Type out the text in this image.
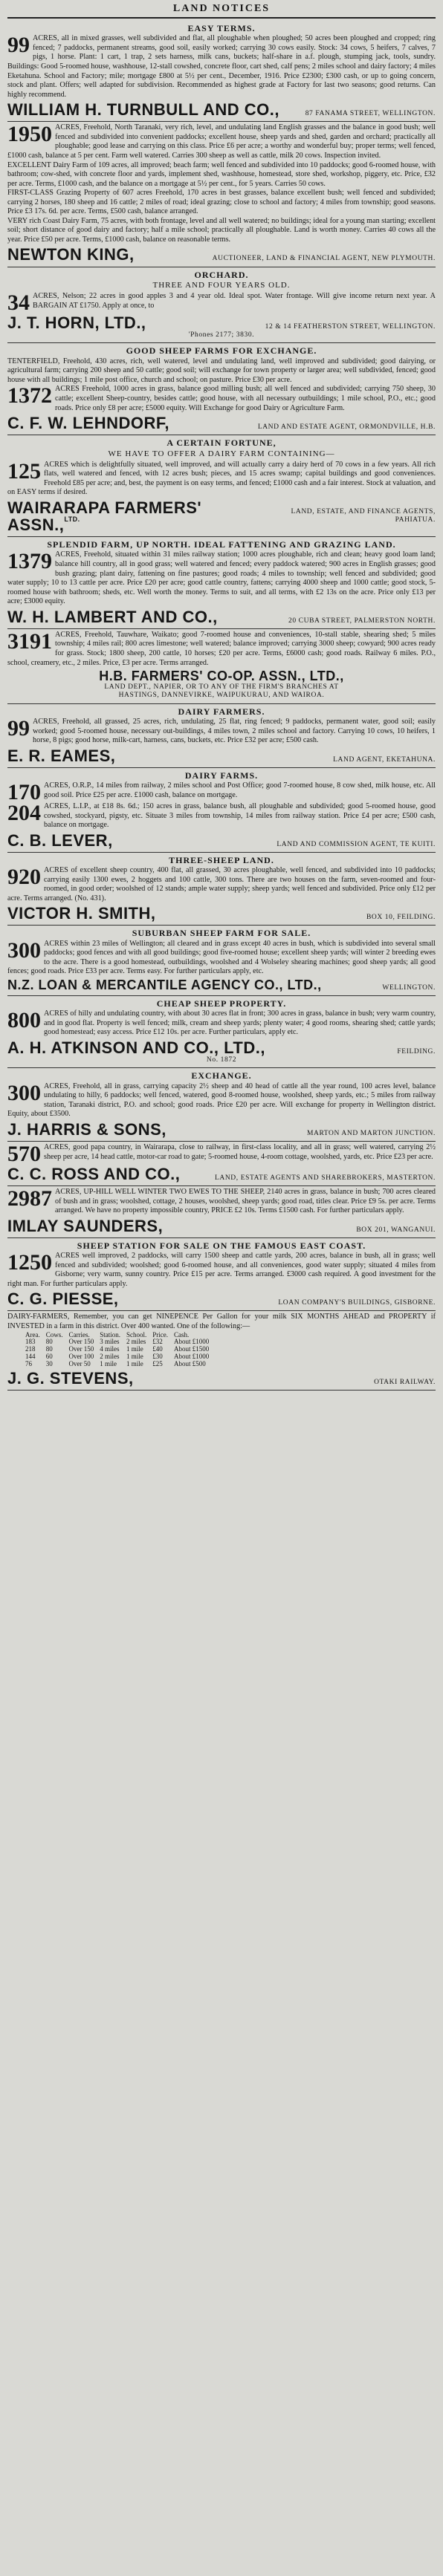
LAND NOTICES
EASY TERMS.
99 ACRES, all in mixed grasses, well subdivided and flat, all ploughable when ploughed; 50 acres been ploughed and cropped; ring fenced; 7 paddocks, permanent streams, good soil, easily worked; carrying 30 cows easily. Stock: 34 cows, 5 heifers, 7 calves, 7 pigs, 1 horse. Plant: 1 cart, 1 trap, 2 sets harness, milk cans, buckets; half-share in a.f. plough, stumping jack, tools, sundry. Buildings: Good 5-roomed house, washhouse, 12-stall cowshed, concrete floor, cart shed, calf pens; 2 miles school and dairy factory; 4 miles Eketahuna. School and Factory; mile; mortgage £800 at 5½ per cent., December, 1916. Price £2300; £300 cash, or up to going concern, stock and plant. Offers; well adapted for subdivision. Recommended as highest grade at Factory for last two seasons; good returns. Can highly recommend.
WILLIAM H. TURNBULL AND CO.,	87 FANAMA STREET, WELLINGTON.
1950 ACRES, Freehold, North Taranaki, very rich, level, and undulating land English grasses and the balance in good bush; well fenced and subdivided into convenient paddocks; excellent house, sheep yards and shed, garden and orchard; practically all ploughable; good lease and carrying on this class. Price £6 per acre; a worthy and wonderful buy; proper terms; well fenced, £1000 cash, balance at 5 per cent. Farm well watered. Carries 300 sheep as well as cattle, milk 20 cows. Inspection invited.
EXCELLENT Dairy Farm of 109 acres, all improved; beach farm; well fenced and subdivided into 10 paddocks; good 6-roomed house, with bathroom; cow-shed, with concrete floor and yards, implement shed, washhouse, homestead, store shed, workshop, piggery, etc. Price, £32 per acre. Terms, £1000 cash, and the balance on a mortgage at 5½ per cent., for 5 years. Carries 50 cows.
FIRST-CLASS Grazing Property of 607 acres Freehold, 170 acres in best grasses, balance excellent bush; well fenced and subdivided; carrying 2 horses, 180 sheep and 16 cattle; 2 miles of road; ideal grazing; close to school and factory; 4 miles from township; good seasons. Price £3 17s. 6d. per acre. Terms, £500 cash, balance arranged.
VERY rich Coast Dairy Farm, 75 acres, with both frontage, level and all well watered; no buildings; ideal for a young man starting; excellent soil; short distance of good dairy and factory; half a mile school; practically all ploughable. Land is worth money. Carries 40 cows all the year. Price £50 per acre. Terms, £1000 cash, balance on reasonable terms.
NEWTON KING,	AUCTIONEER, LAND & FINANCIAL AGENT, NEW PLYMOUTH.
ORCHARD.
THREE AND FOUR YEARS OLD.
34 ACRES, Nelson; 22 acres in good apples 3 and 4 year old. Ideal spot. Water frontage. Will give income return next year. A BARGAIN AT £1750. Apply at once, to
J. T. HORN, LTD.,	12 & 14 FEATHERSTON STREET, WELLINGTON.
'Phones 2177; 3830.
GOOD SHEEP FARMS FOR EXCHANGE.
TENTERFIELD, Freehold, 430 acres, rich, well watered, level and undulating land, well improved and subdivided; good dairying, or agricultural farm; carrying 200 sheep and 50 cattle; good soil; will exchange for town property or larger area; well subdivided, fenced; good house with all buildings; 1 mile post office, church and school; on pasture. Price £30 per acre.
1372 ACRES Freehold, 1000 acres in grass, balance good milling bush; all well fenced and subdivided; carrying 750 sheep, 30 cattle; excellent Sheep-country, besides cattle; good house, with all necessary outbuildings; 1 mile school, P.O., etc.; good roads. Price only £8 per acre; £5000 equity. Will Exchange for good Dairy or Agriculture Farm.
C. F. W. LEHNDORF,	LAND AND ESTATE AGENT, ORMONDVILLE, H.B.
A CERTAIN FORTUNE,
WE HAVE TO OFFER A DAIRY FARM CONTAINING—
125 ACRES which is delightfully situated, well improved, and will actually carry a dairy herd of 70 cows in a few years. All rich flats, well watered and fenced, with 12 acres bush; pieces, and 15 acres swamp; capital buildings and good conveniences. Freehold £85 per acre; and, best, the payment is on easy terms, and fenced; £1000 cash and a fair interest. Stock at valuation, and on EASY terms if desired.
WAIRARAPA FARMERS' ASSN.,$^{LTD.}$
LAND, ESTATE, AND FINANCE AGENTS, PAHIATUA.
SPLENDID FARM, UP NORTH. IDEAL FATTENING AND GRAZING LAND.
1379 ACRES, Freehold, situated within 31 miles railway station; 1000 acres ploughable, rich and clean; heavy good loam land; balance hill country, all in good grass; well watered and fenced; every paddock watered; 900 acres in English grasses; good bush grazing; plant dairy, fattening on fine pastures; good roads; 4 miles to township; well fenced and subdivided; good water supply; 10 to 13 cattle per acre. Price £20 per acre; good cattle country, fattens; carrying 4000 sheep and 1000 cattle; good stock, 5-roomed house with bathroom; sheds, etc. Well worth the money. Terms to suit, and all terms, with £2 13s on the acre. Price only £13 per acre; £3000 equity.
W. H. LAMBERT AND CO.,	20 CUBA STREET, PALMERSTON NORTH.
3191 ACRES, Freehold, Tauwhare, Waikato; good 7-roomed house and conveniences, 10-stall stable, shearing shed; 5 miles township; 4 miles rail; 800 acres limestone; well watered; balance improved; carrying 3000 sheep; cowyard; 900 acres ready for grass. Stock; 1800 sheep, 200 cattle, 10 horses; £20 per acre. Terms, £6000 cash; good roads. Railway 6 miles. P.O., school, creamery, etc., 2 miles. Price, £3 per acre. Terms arranged.
H.B. FARMERS' CO-OP. ASSN., LTD.,
LAND DEPT., NAPIER, OR TO ANY OF THE FIRM'S BRANCHES AT
HASTINGS, DANNEVIRKE, WAIPUKURAU, AND WAIROA.
DAIRY FARMERS.
99 ACRES, Freehold, all grassed, 25 acres, rich, undulating, 25 flat, ring fenced; 9 paddocks, permanent water, good soil; easily worked; good 5-roomed house, necessary out-buildings, 4 miles town, 2 miles school and factory. Carrying 10 cows, 10 heifers, 1 horse, 8 pigs; good horse, milk-cart, harness, cans, buckets, etc. Price £32 per acre; £500 cash.
E. R. EAMES,	LAND AGENT, EKETAHUNA.
DAIRY FARMS.
170 ACRES, O.R.P., 14 miles from railway, 2 miles school and Post Office; good 7-roomed house, 8 cow shed, milk house, etc. All good soil. Price £25 per acre. £1000 cash, balance on mortgage.
204 ACRES, L.I.P., at £18 8s. 6d.; 150 acres in grass, balance bush, all ploughable and subdivided; good 5-roomed house, good cowshed, stockyard, pigsty, etc. Situate 3 miles from township, 14 miles from railway station. Price £4 per acre; £500 cash, balance on mortgage.
C. B. LEVER,	LAND AND COMMISSION AGENT, TE KUITI.
THREE-SHEEP LAND.
920 ACRES of excellent sheep country, 400 flat, all grassed, 30 acres ploughable, well fenced, and subdivided into 10 paddocks; carrying easily 1300 ewes, 2 hoggets and 100 cattle, 300 tons. There are two houses on the farm, seven-roomed and four-roomed, in good order; woolshed of 12 stands; ample water supply; sheep yards; well fenced and subdivided. Price only £12 per acre. Terms arranged. (No. 431).
VICTOR H. SMITH,	BOX 10, FEILDING.
SUBURBAN SHEEP FARM FOR SALE.
300 ACRES within 23 miles of Wellington; all cleared and in grass except 40 acres in bush, which is subdivided into several small paddocks; good fences and with all good buildings; good five-roomed house; excellent sheep yards; will winter 2 breeding ewes to the acre. There is a good homestead, outbuildings, woolshed and 4 Wolseley shearing machines; good sheep yards; all good fences; good roads. Price £33 per acre. Terms easy. For further particulars apply, etc.
N.Z. LOAN & MERCANTILE AGENCY CO., LTD.,	WELLINGTON.
CHEAP SHEEP PROPERTY.
800 ACRES of hilly and undulating country, with about 30 acres flat in front; 300 acres in grass, balance in bush; very warm country, and in good flat. Property is well fenced; milk, cream and sheep yards; plenty water; 4 good rooms, shearing shed; cattle yards; good homestead; easy access. Price £12 10s. per acre. Further particulars, apply etc.
A. H. ATKINSON AND CO., LTD.,	FEILDING.
No. 1872
EXCHANGE.
300 ACRES, Freehold, all in grass, carrying capacity 2½ sheep and 40 head of cattle all the year round, 100 acres level, balance undulating to hilly, 6 paddocks; well fenced, watered, good 8-roomed house, woolshed, sheep yards, etc.; 5 miles from railway station, Taranaki district, P.O. and school; good roads. Price £20 per acre. Will exchange for property in Wellington district. Equity, about £3500.
J. HARRIS & SONS,	MARTON AND MARTON JUNCTION.
570 ACRES, good papa country, in Wairarapa, close to railway, in first-class locality, and all in grass; well watered, carrying 2½ sheep per acre, 14 head cattle, motor-car road to gate; 5-roomed house, 4-room cottage, woolshed, yards, etc. Price £23 per acre.
C. C. ROSS AND CO.,	LAND, ESTATE AGENTS AND SHAREBROKERS, MASTERTON.
2987 ACRES, UP-HILL WELL WINTER TWO EWES TO THE SHEEP, 2140 acres in grass, balance in bush; 700 acres cleared of bush and in grass; woolshed, cottage, 2 houses, woolshed, sheep yards; good road, titles clear. Price £9 5s. per acre. Terms arranged. We have no property impossible country, PRICE £2 10s. Terms £1500 cash. For further particulars apply.
IMLAY SAUNDERS,	BOX 201, WANGANUI.
SHEEP STATION FOR SALE ON THE FAMOUS EAST COAST.
1250 ACRES well improved, 2 paddocks, will carry 1500 sheep and cattle yards, 200 acres, balance in bush, all in grass; well fenced and subdivided; woolshed; good 6-roomed house, and all conveniences, good water supply; situated 4 miles from Gisborne; very warm, sunny country. Price £15 per acre. Terms arranged. £3000 cash required. A good investment for the right man. For further particulars apply.
C. G. PIESSE,	LOAN COMPANY'S BUILDINGS, GISBORNE.
DAIRY-FARMERS, Remember, you can get NINEPENCE Per Gallon for your milk SIX MONTHS AHEAD and PROPERTY if INVESTED in a farm in this district. Over 400 wanted. One of the following:—
Area.	Cows.	Carries.	Station.	School.	Price.	Cash.
183	80	Over 150	3 miles	2 miles	£32	About £1000
218	80	Over 150	4 miles	1 mile	£40	About £1500
144	60	Over 100	2 miles	1 mile	£30	About £1000
76	30	Over 50	1 mile	1 mile	£25	About £500
J. G. STEVENS,	OTAKI RAILWAY.
